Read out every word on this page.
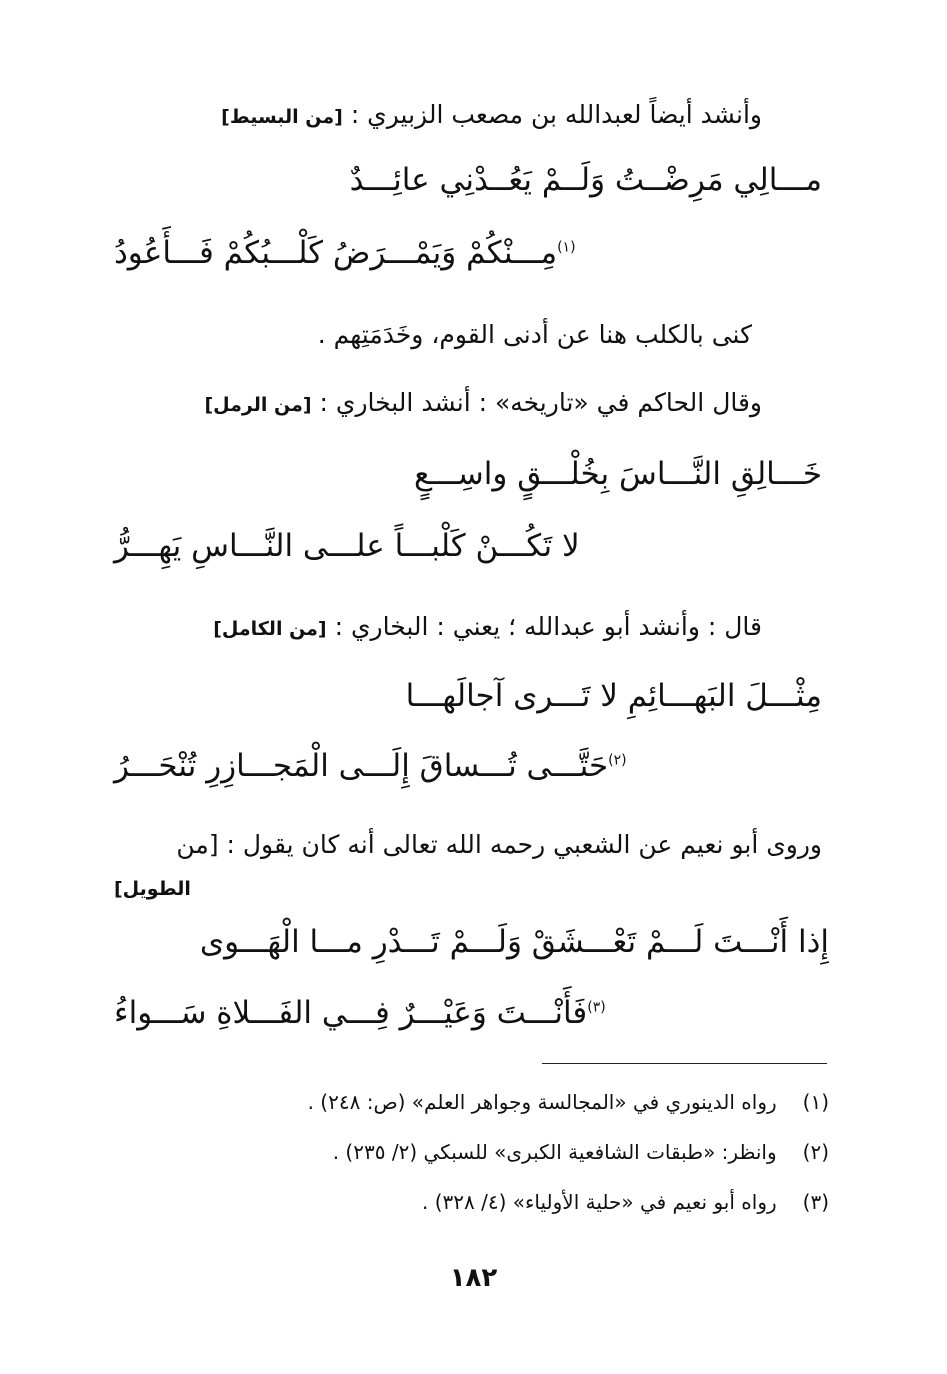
وأنشد أيضاً لعبدالله بن مصعب الزبيري : [من البسيط]
مـــالِي مَرِضْــتُ وَلَــمْ يَعُــدْنِي عائِـــدٌ
$^{(١)}$مِـــنْكُمْ وَيَمْـــرَضُ كَلْـــبُكُمْ فَـــأَعُودُ
كنى بالكلب هنا عن أدنى القوم، وخَدَمَتِهم .
وقال الحاكم في «تاريخه» : أنشد البخاري : [من الرمل]
خَـــالِقِ النَّـــاسَ بِخُلْـــقٍ واسِـــعٍ
لا تَكُـــنْ كَلْبـــاً علـــى النَّـــاسِ يَهِـــرُّ
قال : وأنشد أبو عبدالله ؛ يعني : البخاري : [من الكامل]
مِثْـــلَ البَهـــائِمِ لا تَـــرى آجالَهـــا
$^{(٢)}$حَتَّـــى تُـــساقَ إِلَـــى الْمَجـــازِرِ تُنْحَـــرُ
وروى أبو نعيم عن الشعبي رحمه الله تعالى أنه كان يقول : [من
الطويل]
إِذا أَنْـــتَ لَـــمْ تَعْـــشَقْ وَلَـــمْ تَـــدْرِ مـــا الْهَـــوى
$^{(٣)}$فَأَنْـــتَ وَعَيْـــرٌ فِـــي الفَـــلاةِ سَـــواءُ
(١) رواه الدينوري في «المجالسة وجواهر العلم» (ص: ٢٤٨) .
(٢) وانظر: «طبقات الشافعية الكبرى» للسبكي (٢/ ٢٣٥) .
(٣) رواه أبو نعيم في «حلية الأولياء» (٤/ ٣٢٨) .
١٨٢
